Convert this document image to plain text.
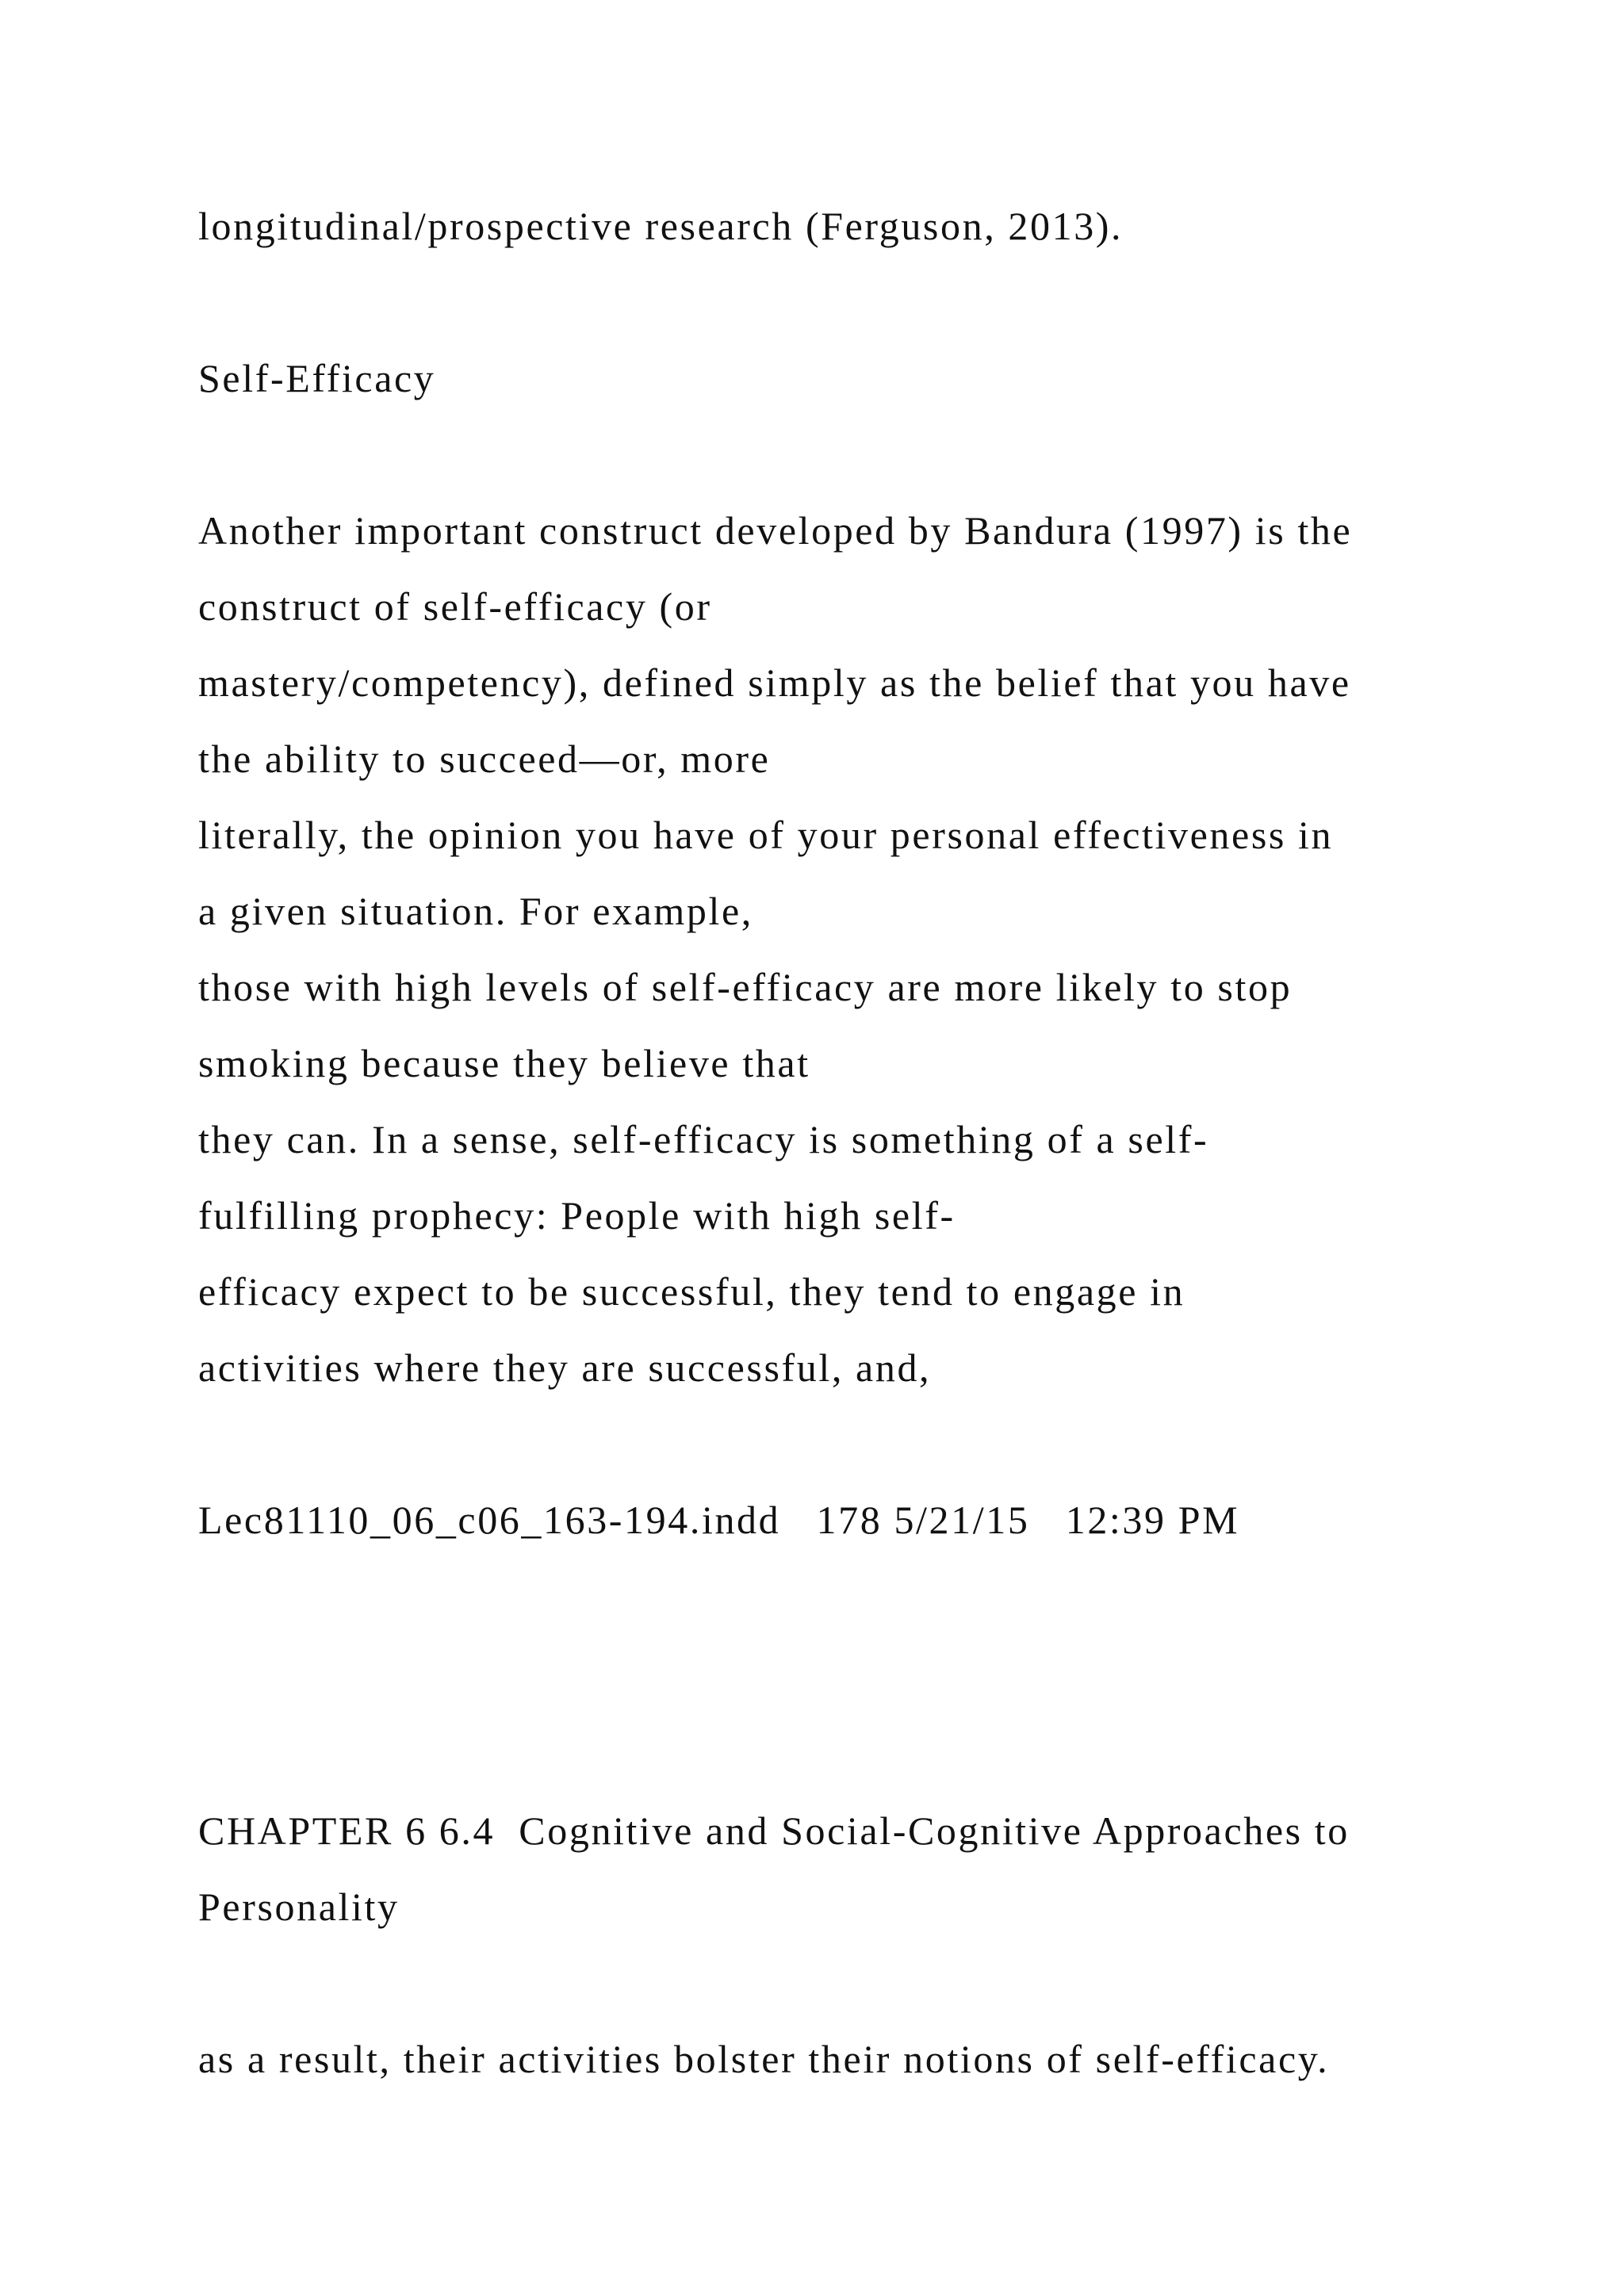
longitudinal/prospective research (Ferguson, 2013).

Self-Efficacy

Another important construct developed by Bandura (1997) is the

construct of self-efficacy (or

mastery/competency), defined simply as the belief that you have

the ability to succeed—or, more

literally, the opinion you have of your personal effectiveness in

a given situation. For example,

those with high levels of self-efficacy are more likely to stop

smoking because they believe that

they can. In a sense, self-efficacy is something of a self-

fulfilling prophecy: People with high self-

efficacy expect to be successful, they tend to engage in

activities where they are successful, and,

Lec81110_06_c06_163-194.indd   178 5/21/15   12:39 PM

CHAPTER 6 6.4  Cognitive and Social-Cognitive Approaches to

Personality

as a result, their activities bolster their notions of self-efficacy.
